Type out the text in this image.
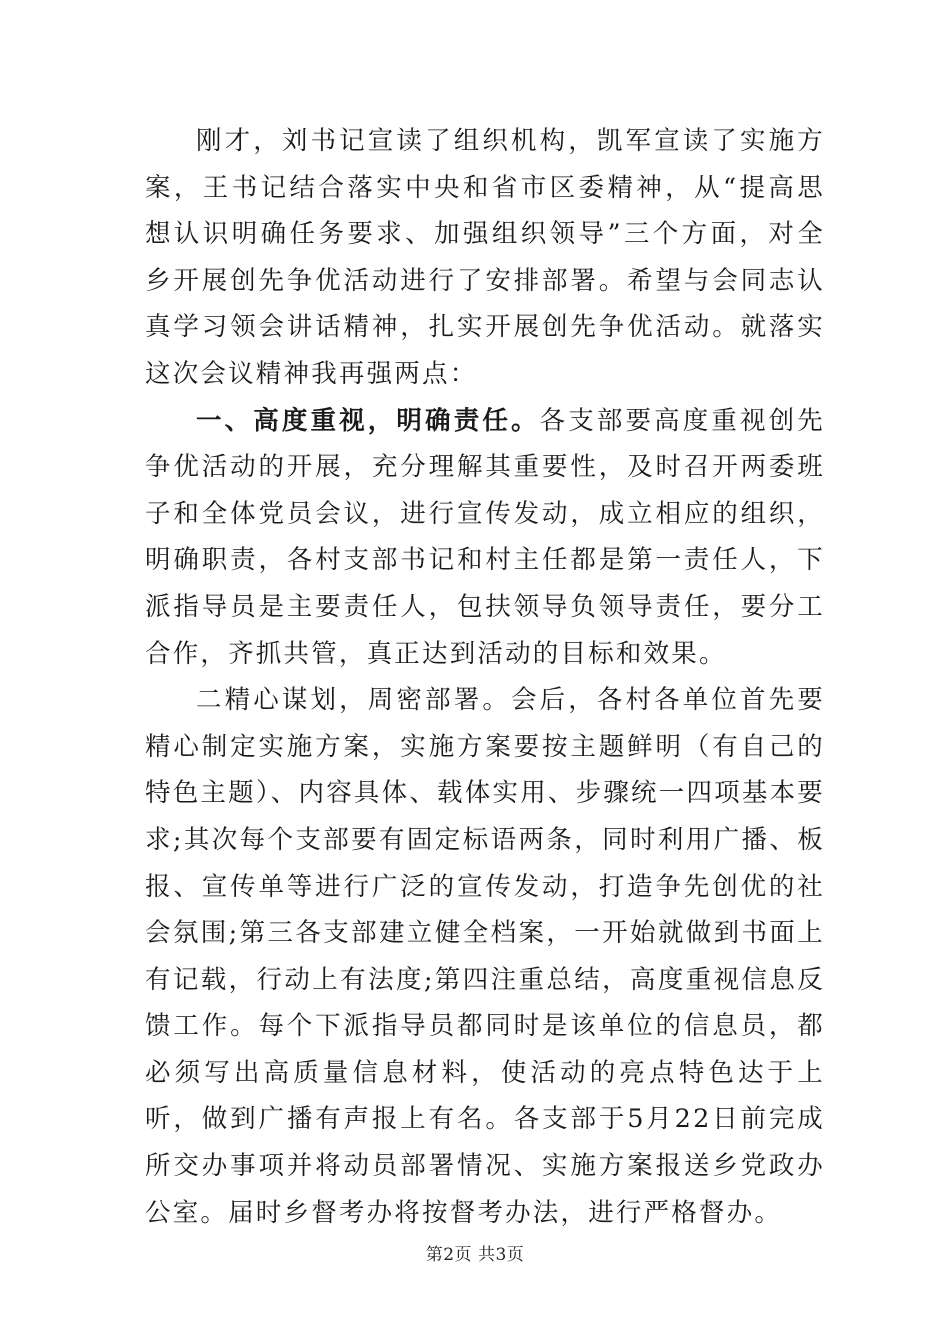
刚才，刘书记宣读了组织机构，凯军宣读了实施方案，王书记结合落实中央和省市区委精神，从“提高思想认识明确任务要求、加强组织领导”三个方面，对全乡开展创先争优活动进行了安排部署。希望与会同志认真学习领会讲话精神，扎实开展创先争优活动。就落实这次会议精神我再强两点：

一、高度重视，明确责任。各支部要高度重视创先争优活动的开展，充分理解其重要性，及时召开两委班子和全体党员会议，进行宣传发动，成立相应的组织，明确职责，各村支部书记和村主任都是第一责任人，下派指导员是主要责任人，包扶领导负领导责任，要分工合作，齐抓共管，真正达到活动的目标和效果。

二精心谋划，周密部署。会后，各村各单位首先要精心制定实施方案，实施方案要按主题鲜明（有自己的特色主题）、内容具体、载体实用、步骤统一四项基本要求;其次每个支部要有固定标语两条，同时利用广播、板报、宣传单等进行广泛的宣传发动，打造争先创优的社会氛围;第三各支部建立健全档案，一开始就做到书面上有记载，行动上有法度;第四注重总结，高度重视信息反馈工作。每个下派指导员都同时是该单位的信息员，都必须写出高质量信息材料，使活动的亮点特色达于上听，做到广播有声报上有名。各支部于5月22日前完成所交办事项并将动员部署情况、实施方案报送乡党政办公室。届时乡督考办将按督考办法，进行严格督办。

第2页 共3页
